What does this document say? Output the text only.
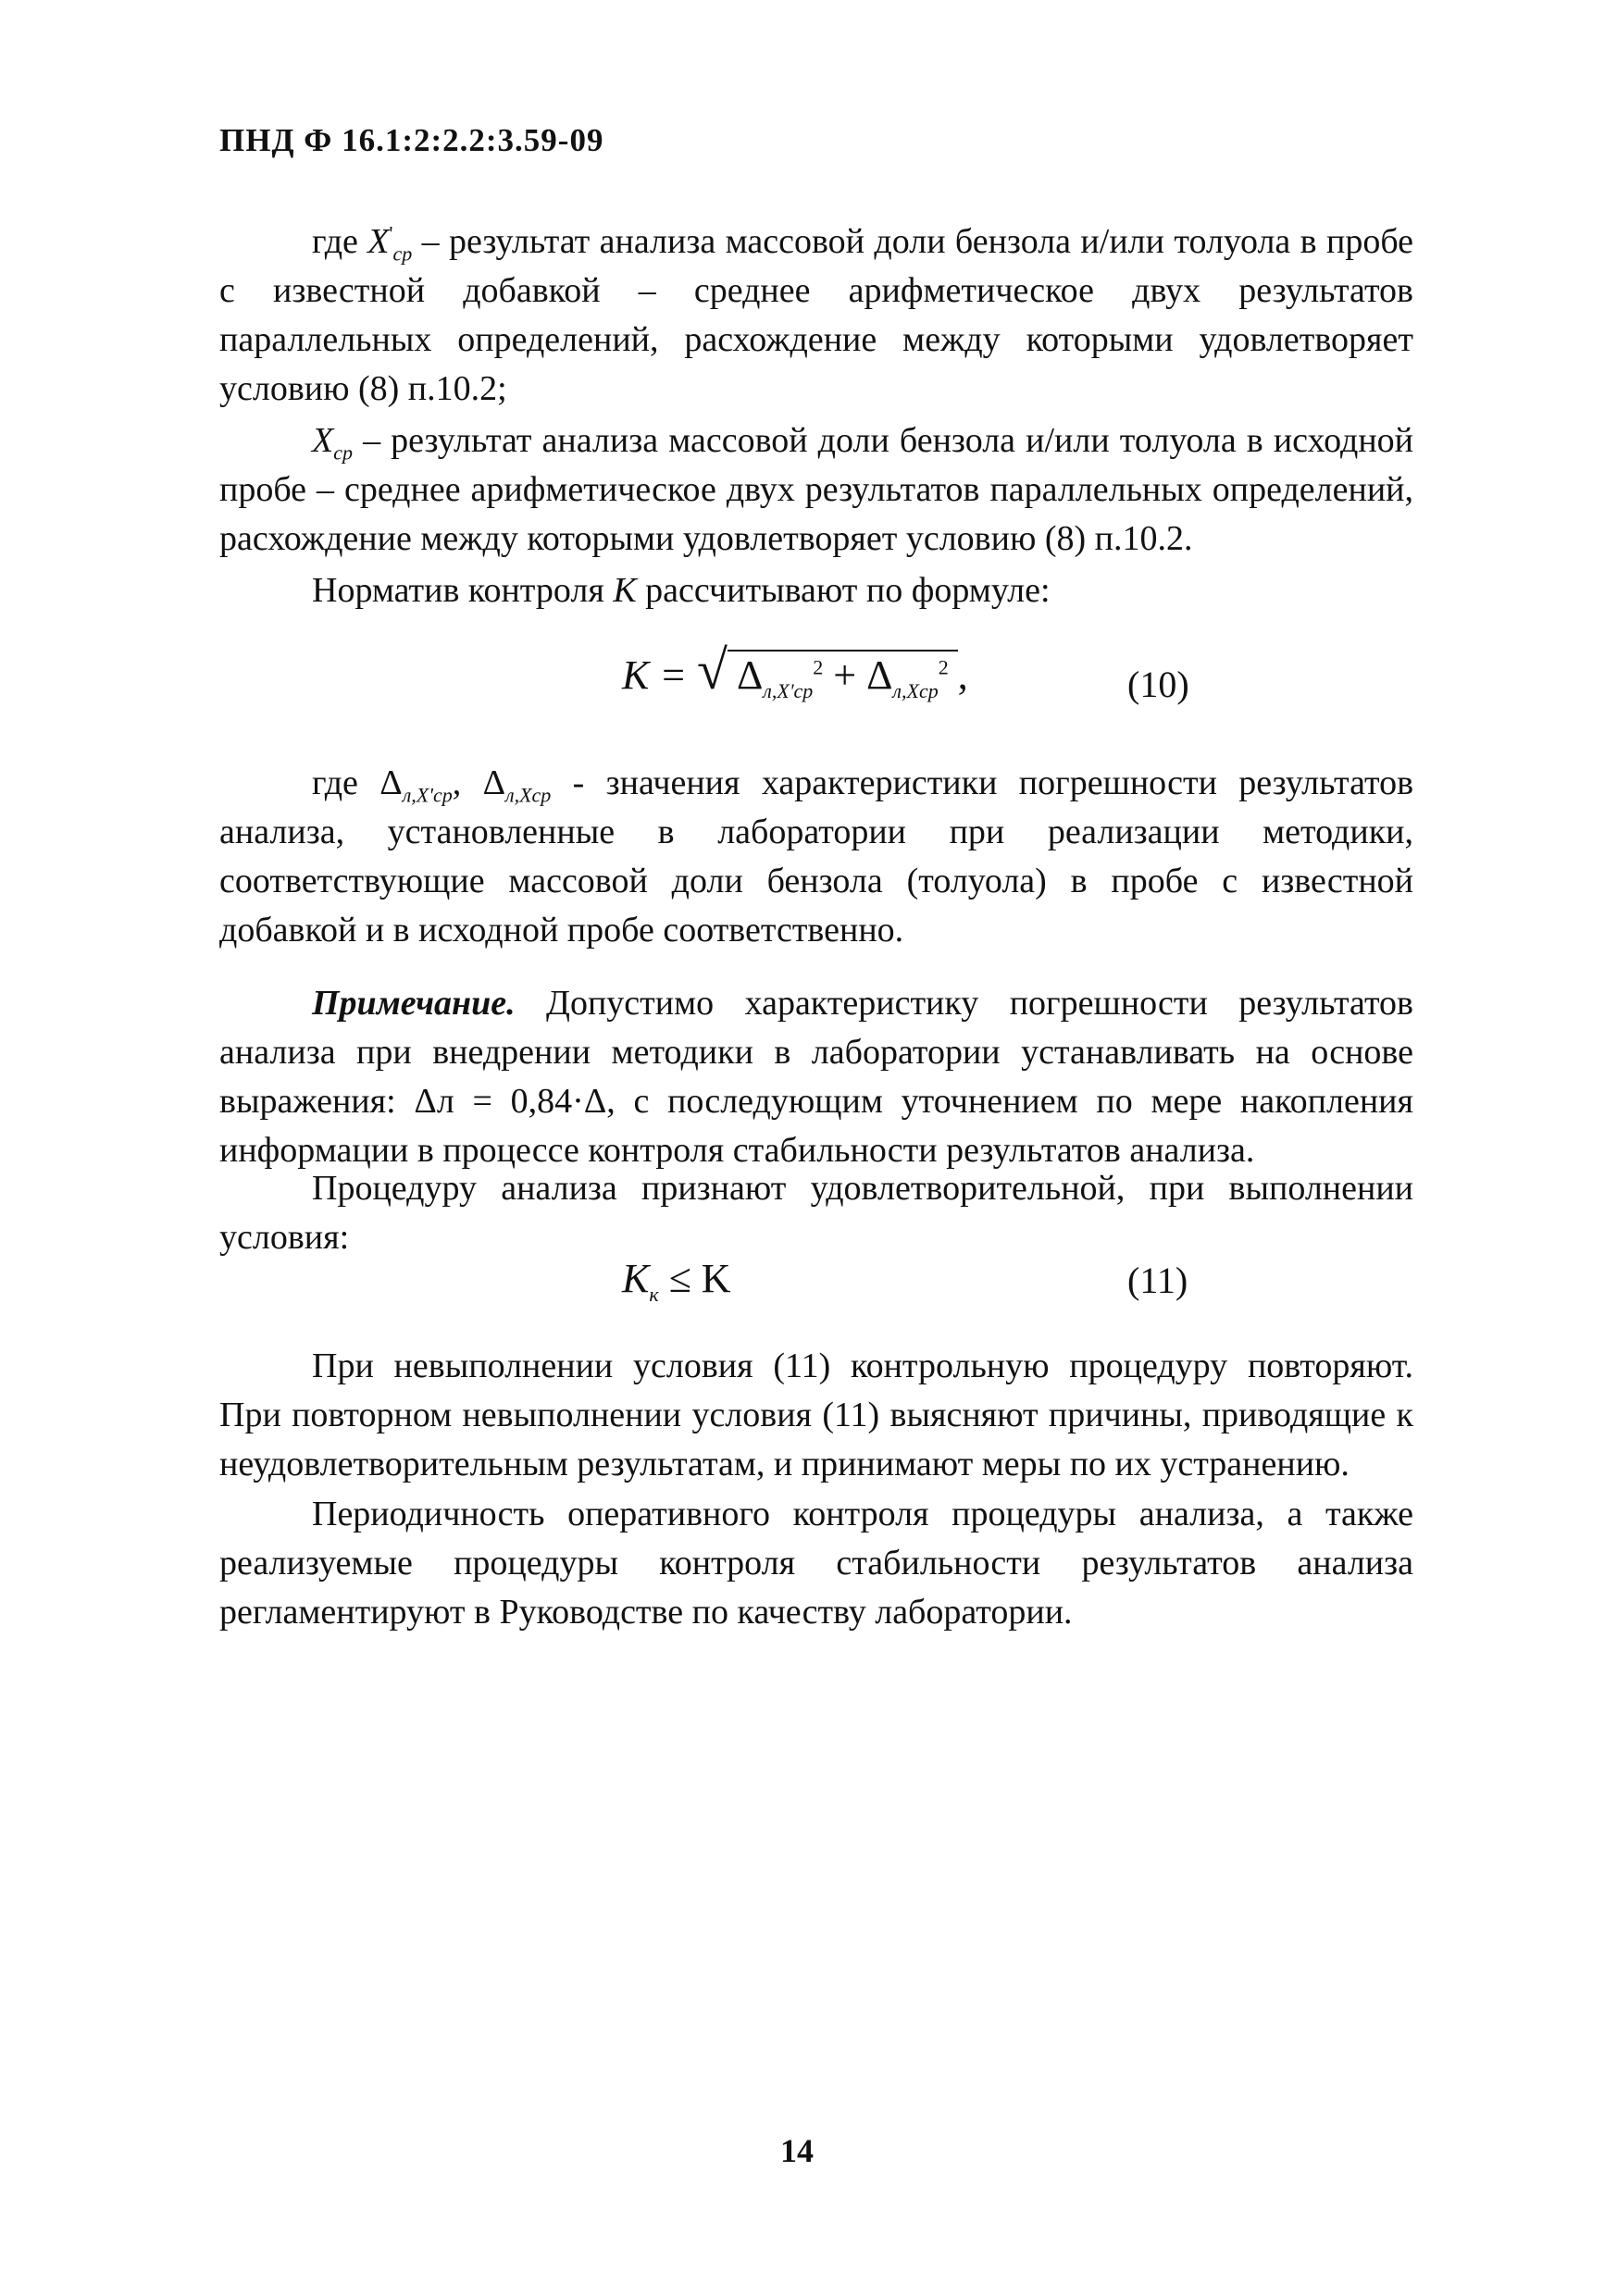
ПНД Ф 16.1:2:2.2:3.59-09
где $X'_{ср}$ – результат анализа массовой доли бензола и/или толуола в пробе с известной добавкой – среднее арифметическое двух результатов параллельных определений, расхождение между которыми удовлетворяет условию (8) п.10.2;
$X_{ср}$ – результат анализа массовой доли бензола и/или толуола в исходной пробе – среднее арифметическое двух результатов параллельных определений, расхождение между которыми удовлетворяет условию (8) п.10.2.
Норматив контроля K рассчитывают по формуле:
K = √ $\Delta_{л,X'ср}^2 + \Delta_{л,Xср}^2$ ,	(10)
где $\Delta_{л,X'ср}$, $\Delta_{л,Xср}$ - значения характеристики погрешности результатов анализа, установленные в лаборатории при реализации методики, соответствующие массовой доли бензола (толуола) в пробе с известной добавкой и в исходной пробе соответственно.
Примечание. Допустимо характеристику погрешности результатов анализа при внедрении методики в лаборатории устанавливать на основе выражения: Δл = 0,84·Δ, с последующим уточнением по мере накопления информации в процессе контроля стабильности результатов анализа.
Процедуру анализа признают удовлетворительной, при выполнении условия:
$K_к \le K$	(11)
При невыполнении условия (11) контрольную процедуру повторяют. При повторном невыполнении условия (11) выясняют причины, приводящие к неудовлетворительным результатам, и принимают меры по их устранению.
Периодичность оперативного контроля процедуры анализа, а также реализуемые процедуры контроля стабильности результатов анализа регламентируют в Руководстве по качеству лаборатории.
14
